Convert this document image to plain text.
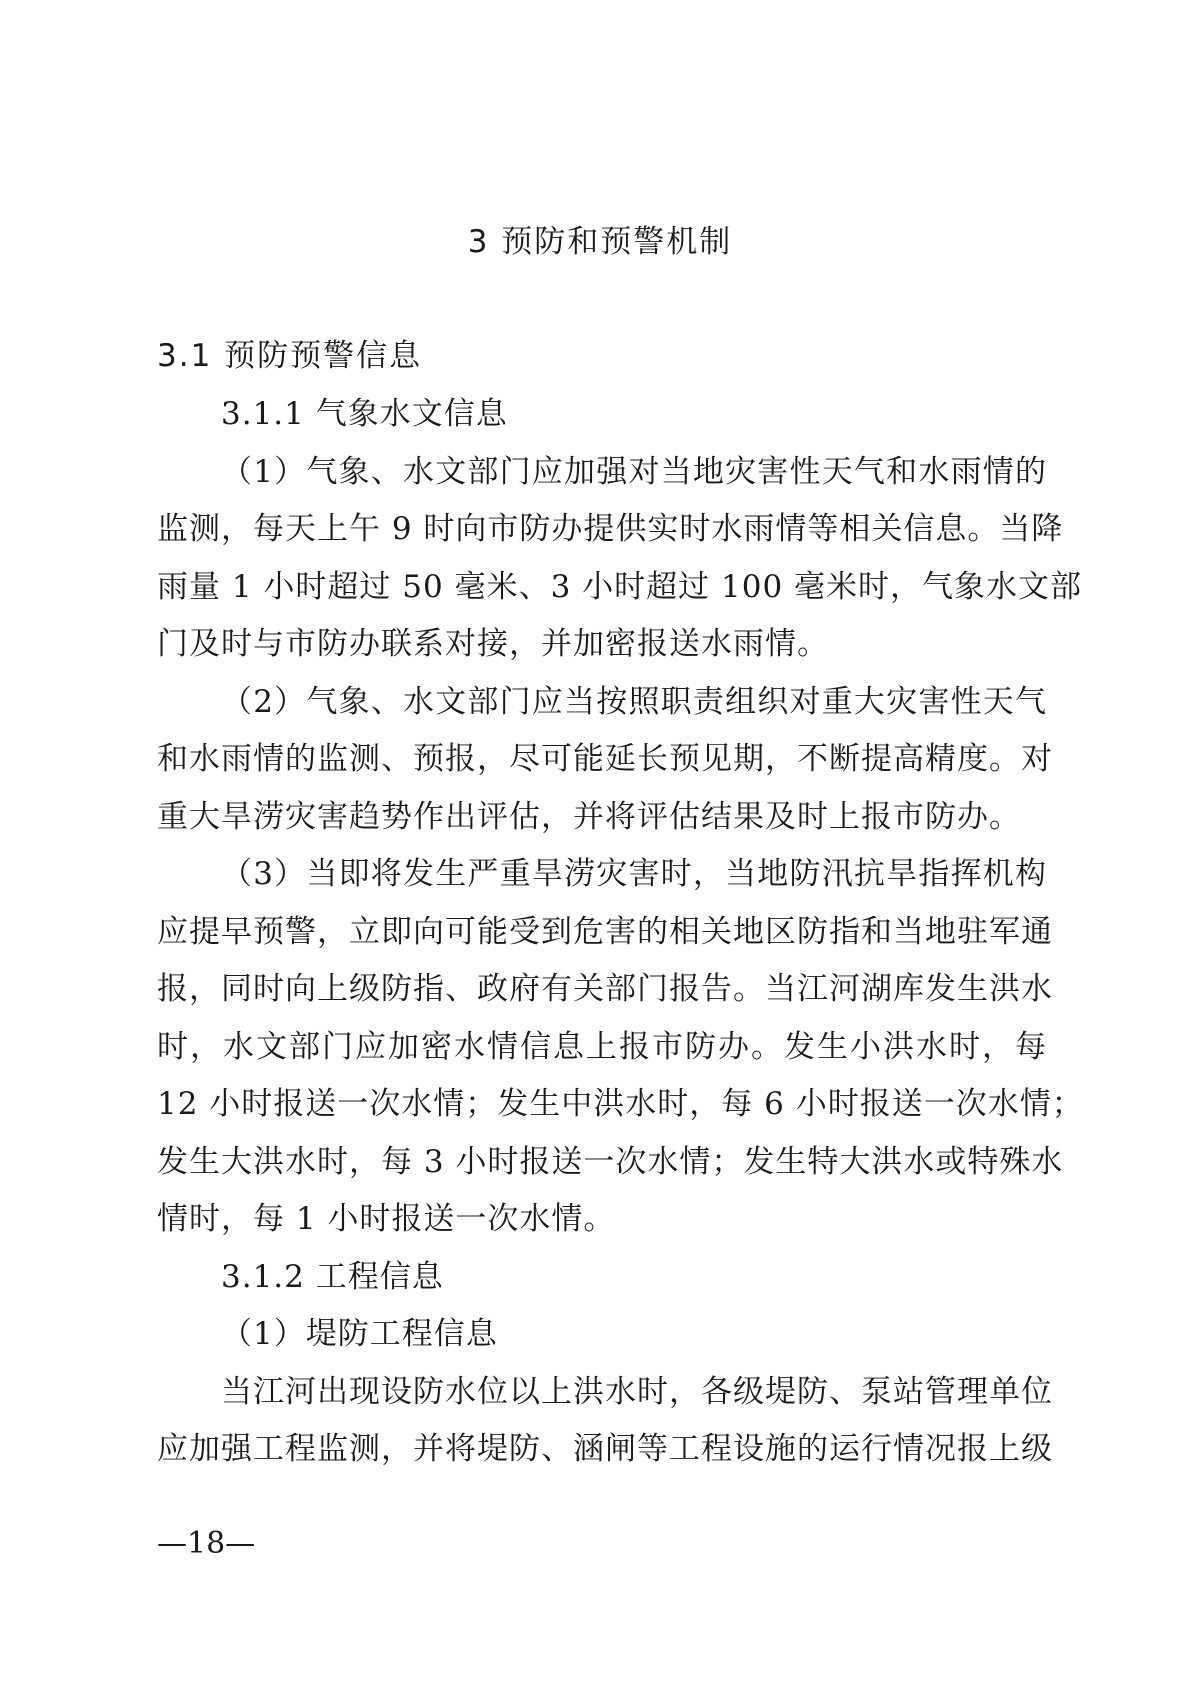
3 预防和预警机制
3.1 预防预警信息
3.1.1 气象水文信息
（1）气象、水文部门应加强对当地灾害性天气和水雨情的
监测，每天上午 9 时向市防办提供实时水雨情等相关信息。当降
雨量 1 小时超过 50 毫米、3 小时超过 100 毫米时，气象水文部
门及时与市防办联系对接，并加密报送水雨情。
（2）气象、水文部门应当按照职责组织对重大灾害性天气
和水雨情的监测、预报，尽可能延长预见期，不断提高精度。对
重大旱涝灾害趋势作出评估，并将评估结果及时上报市防办。
（3）当即将发生严重旱涝灾害时，当地防汛抗旱指挥机构
应提早预警，立即向可能受到危害的相关地区防指和当地驻军通
报，同时向上级防指、政府有关部门报告。当江河湖库发生洪水
时，水文部门应加密水情信息上报市防办。发生小洪水时，每
12 小时报送一次水情；发生中洪水时，每 6 小时报送一次水情；
发生大洪水时，每 3 小时报送一次水情；发生特大洪水或特殊水
情时，每 1 小时报送一次水情。
3.1.2 工程信息
（1）堤防工程信息
当江河出现设防水位以上洪水时，各级堤防、泵站管理单位
应加强工程监测，并将堤防、涵闸等工程设施的运行情况报上级
—18—
